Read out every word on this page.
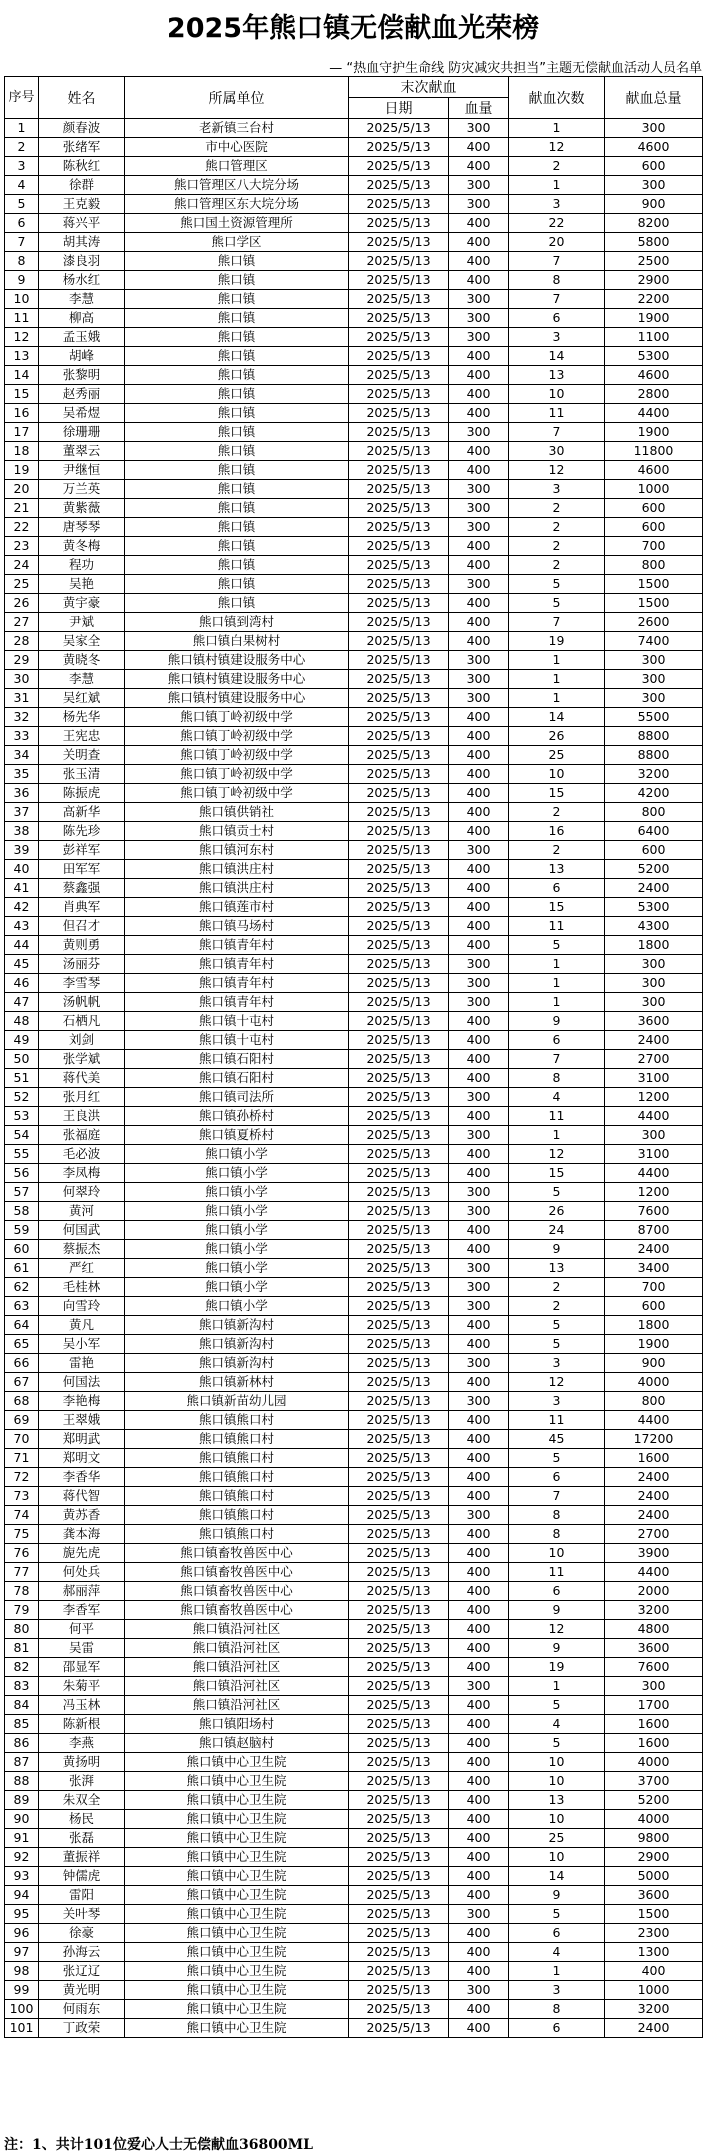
2025年熊口镇无偿献血光荣榜
— “热血守护生命线 防灾减灾共担当”主题无偿献血活动人员名单
序号	姓名	所属单位	末次献血		献血次数	献血总量
			日期	血量		
1	颜春波	老新镇三台村	2025/5/13	300	1	300
2	张绪军	市中心医院	2025/5/13	400	12	4600
3	陈秋红	熊口管理区	2025/5/13	400	2	600
4	徐群	熊口管理区八大垸分场	2025/5/13	300	1	300
5	王克毅	熊口管理区东大垸分场	2025/5/13	300	3	900
6	蒋兴平	熊口国土资源管理所	2025/5/13	400	22	8200
7	胡其涛	熊口学区	2025/5/13	400	20	5800
8	漆良羽	熊口镇	2025/5/13	400	7	2500
9	杨水红	熊口镇	2025/5/13	400	8	2900
10	李慧	熊口镇	2025/5/13	300	7	2200
11	柳高	熊口镇	2025/5/13	300	6	1900
12	孟玉娥	熊口镇	2025/5/13	300	3	1100
13	胡峰	熊口镇	2025/5/13	400	14	5300
14	张黎明	熊口镇	2025/5/13	400	13	4600
15	赵秀丽	熊口镇	2025/5/13	400	10	2800
16	吴希煜	熊口镇	2025/5/13	400	11	4400
17	徐珊珊	熊口镇	2025/5/13	300	7	1900
18	董翠云	熊口镇	2025/5/13	400	30	11800
19	尹继恒	熊口镇	2025/5/13	400	12	4600
20	万兰英	熊口镇	2025/5/13	300	3	1000
21	黄紫薇	熊口镇	2025/5/13	300	2	600
22	唐琴琴	熊口镇	2025/5/13	300	2	600
23	黄冬梅	熊口镇	2025/5/13	400	2	700
24	程功	熊口镇	2025/5/13	400	2	800
25	吴艳	熊口镇	2025/5/13	300	5	1500
26	黄宇豪	熊口镇	2025/5/13	400	5	1500
27	尹斌	熊口镇到湾村	2025/5/13	400	7	2600
28	吴家全	熊口镇白果树村	2025/5/13	400	19	7400
29	黄晓冬	熊口镇村镇建设服务中心	2025/5/13	300	1	300
30	李慧	熊口镇村镇建设服务中心	2025/5/13	300	1	300
31	吴红斌	熊口镇村镇建设服务中心	2025/5/13	300	1	300
32	杨先华	熊口镇丁岭初级中学	2025/5/13	400	14	5500
33	王宪忠	熊口镇丁岭初级中学	2025/5/13	400	26	8800
34	关明查	熊口镇丁岭初级中学	2025/5/13	400	25	8800
35	张玉清	熊口镇丁岭初级中学	2025/5/13	400	10	3200
36	陈振虎	熊口镇丁岭初级中学	2025/5/13	400	15	4200
37	高新华	熊口镇供销社	2025/5/13	400	2	800
38	陈先珍	熊口镇贡士村	2025/5/13	400	16	6400
39	彭祥军	熊口镇河东村	2025/5/13	300	2	600
40	田军军	熊口镇洪庄村	2025/5/13	400	13	5200
41	蔡鑫强	熊口镇洪庄村	2025/5/13	400	6	2400
42	肖典军	熊口镇莲市村	2025/5/13	400	15	5300
43	但召才	熊口镇马场村	2025/5/13	400	11	4300
44	黄则勇	熊口镇青年村	2025/5/13	400	5	1800
45	汤丽芬	熊口镇青年村	2025/5/13	300	1	300
46	李雪琴	熊口镇青年村	2025/5/13	300	1	300
47	汤帆帆	熊口镇青年村	2025/5/13	300	1	300
48	石栖凡	熊口镇十屯村	2025/5/13	400	9	3600
49	刘剑	熊口镇十屯村	2025/5/13	400	6	2400
50	张学斌	熊口镇石阳村	2025/5/13	400	7	2700
51	蒋代美	熊口镇石阳村	2025/5/13	400	8	3100
52	张月红	熊口镇司法所	2025/5/13	300	4	1200
53	王良洪	熊口镇孙桥村	2025/5/13	400	11	4400
54	张福庭	熊口镇夏桥村	2025/5/13	300	1	300
55	毛必波	熊口镇小学	2025/5/13	400	12	3100
56	李凤梅	熊口镇小学	2025/5/13	400	15	4400
57	何翠玲	熊口镇小学	2025/5/13	300	5	1200
58	黄河	熊口镇小学	2025/5/13	300	26	7600
59	何国武	熊口镇小学	2025/5/13	400	24	8700
60	蔡振杰	熊口镇小学	2025/5/13	400	9	2400
61	严红	熊口镇小学	2025/5/13	300	13	3400
62	毛桂林	熊口镇小学	2025/5/13	300	2	700
63	向雪玲	熊口镇小学	2025/5/13	300	2	600
64	黄凡	熊口镇新沟村	2025/5/13	400	5	1800
65	吴小军	熊口镇新沟村	2025/5/13	400	5	1900
66	雷艳	熊口镇新沟村	2025/5/13	300	3	900
67	何国法	熊口镇新林村	2025/5/13	400	12	4000
68	李艳梅	熊口镇新苗幼儿园	2025/5/13	300	3	800
69	王翠娥	熊口镇熊口村	2025/5/13	400	11	4400
70	郑明武	熊口镇熊口村	2025/5/13	400	45	17200
71	郑明文	熊口镇熊口村	2025/5/13	400	5	1600
72	李香华	熊口镇熊口村	2025/5/13	400	6	2400
73	蒋代智	熊口镇熊口村	2025/5/13	400	7	2400
74	黄苏香	熊口镇熊口村	2025/5/13	300	8	2400
75	龚本海	熊口镇熊口村	2025/5/13	400	8	2700
76	旎先虎	熊口镇畜牧兽医中心	2025/5/13	400	10	3900
77	何处兵	熊口镇畜牧兽医中心	2025/5/13	400	11	4400
78	郝丽萍	熊口镇畜牧兽医中心	2025/5/13	400	6	2000
79	李香军	熊口镇畜牧兽医中心	2025/5/13	400	9	3200
80	何平	熊口镇沿河社区	2025/5/13	400	12	4800
81	吴雷	熊口镇沿河社区	2025/5/13	400	9	3600
82	邵显军	熊口镇沿河社区	2025/5/13	400	19	7600
83	朱菊平	熊口镇沿河社区	2025/5/13	300	1	300
84	冯玉林	熊口镇沿河社区	2025/5/13	400	5	1700
85	陈新根	熊口镇阳场村	2025/5/13	400	4	1600
86	李燕	熊口镇赵脑村	2025/5/13	400	5	1600
87	黄扬明	熊口镇中心卫生院	2025/5/13	400	10	4000
88	张湃	熊口镇中心卫生院	2025/5/13	400	10	3700
89	朱双全	熊口镇中心卫生院	2025/5/13	400	13	5200
90	杨民	熊口镇中心卫生院	2025/5/13	400	10	4000
91	张磊	熊口镇中心卫生院	2025/5/13	400	25	9800
92	董振祥	熊口镇中心卫生院	2025/5/13	400	10	2900
93	钟儒虎	熊口镇中心卫生院	2025/5/13	400	14	5000
94	雷阳	熊口镇中心卫生院	2025/5/13	400	9	3600
95	关叶琴	熊口镇中心卫生院	2025/5/13	300	5	1500
96	徐豪	熊口镇中心卫生院	2025/5/13	400	6	2300
97	孙海云	熊口镇中心卫生院	2025/5/13	400	4	1300
98	张辽辽	熊口镇中心卫生院	2025/5/13	400	1	400
99	黄光明	熊口镇中心卫生院	2025/5/13	300	3	1000
100	何雨东	熊口镇中心卫生院	2025/5/13	400	8	3200
101	丁政荣	熊口镇中心卫生院	2025/5/13	400	6	2400
注：1、共计101位爱心人士无偿献血36800ML
